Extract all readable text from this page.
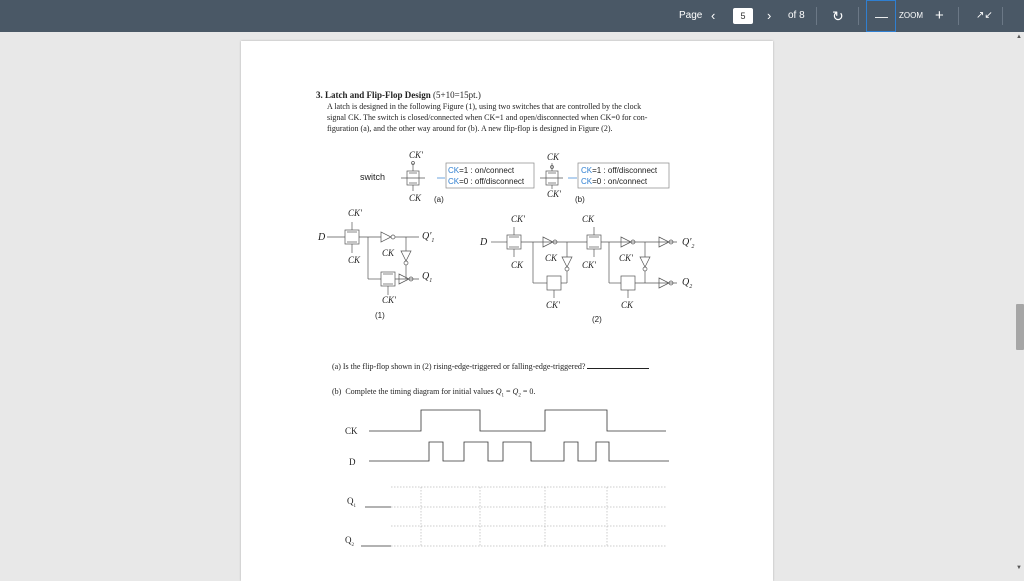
Page ‹	5	› of 8 ↻ — ZOOM +	↗↙
▲
▼
3. Latch and Flip-Flop Design (5+10=15pt.)
A latch is designed in the following Figure (1), using two switches that are controlled by the clock
signal CK. The switch is closed/connected when CK=1 and open/disconnected when CK=0 for con-
figuration (a), and the other way around for (b). A new flip-flop is designed in Figure (2).
switch
CK'
CK (a)
CK=1 : on/connect
CK=0 : off/disconnect
CK
CK'
(b)
CK=1 : off/disconnect
CK=0 : on/connect
CK'
D
CK
CK
$Q'_1$
$Q_1$
CK'
(1)
CK'	CK
D
CK
CK
CK'
CK'
$Q'_2$
$Q_2$
CK'	CK
(2)
(a) Is the flip-flop shown in (2) rising-edge-triggered or falling-edge-triggered?
(b)  Complete the timing diagram for initial values $Q_1 = Q_2 = 0$.
CK
D
$Q_1$
$Q_2$
